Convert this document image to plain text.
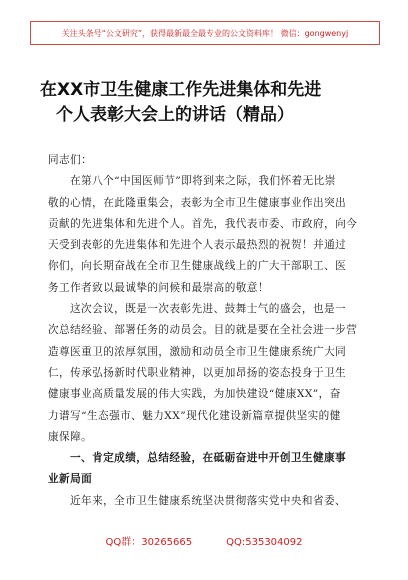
关注头条号“公文研究”，获得最新最全最专业的公文资料库！ 微信：gongwenyj
在XX市卫生健康工作先进集体和先进
个人表彰大会上的讲话（精品）
同志们：
在第八个“中国医师节”即将到来之际，我们怀着无比崇
敬的心情，在此隆重集会，表彰为全市卫生健康事业作出突出
贡献的先进集体和先进个人。首先，我代表市委、市政府，向今
天受到表彰的先进集体和先进个人表示最热烈的祝贺！并通过
你们，向长期奋战在全市卫生健康战线上的广大干部职工、医
务工作者致以最诚挚的问候和最崇高的敬意！
这次会议，既是一次表彰先进、鼓舞士气的盛会，也是一
次总结经验、部署任务的动员会。目的就是要在全社会进一步营
造尊医重卫的浓厚氛围，激励和动员全市卫生健康系统广大同
仁，传承弘扬新时代职业精神，以更加昂扬的姿态投身于卫生
健康事业高质量发展的伟大实践，为加快建设“健康XX”，奋
力谱写“生态强市、魅力XX”现代化建设新篇章提供坚实的健
康保障。
一、肯定成绩，总结经验，在砥砺奋进中开创卫生健康事
业新局面
近年来，全市卫生健康系统坚决贯彻落实党中央和省委、
QQ群：30265665	QQ:535304092
